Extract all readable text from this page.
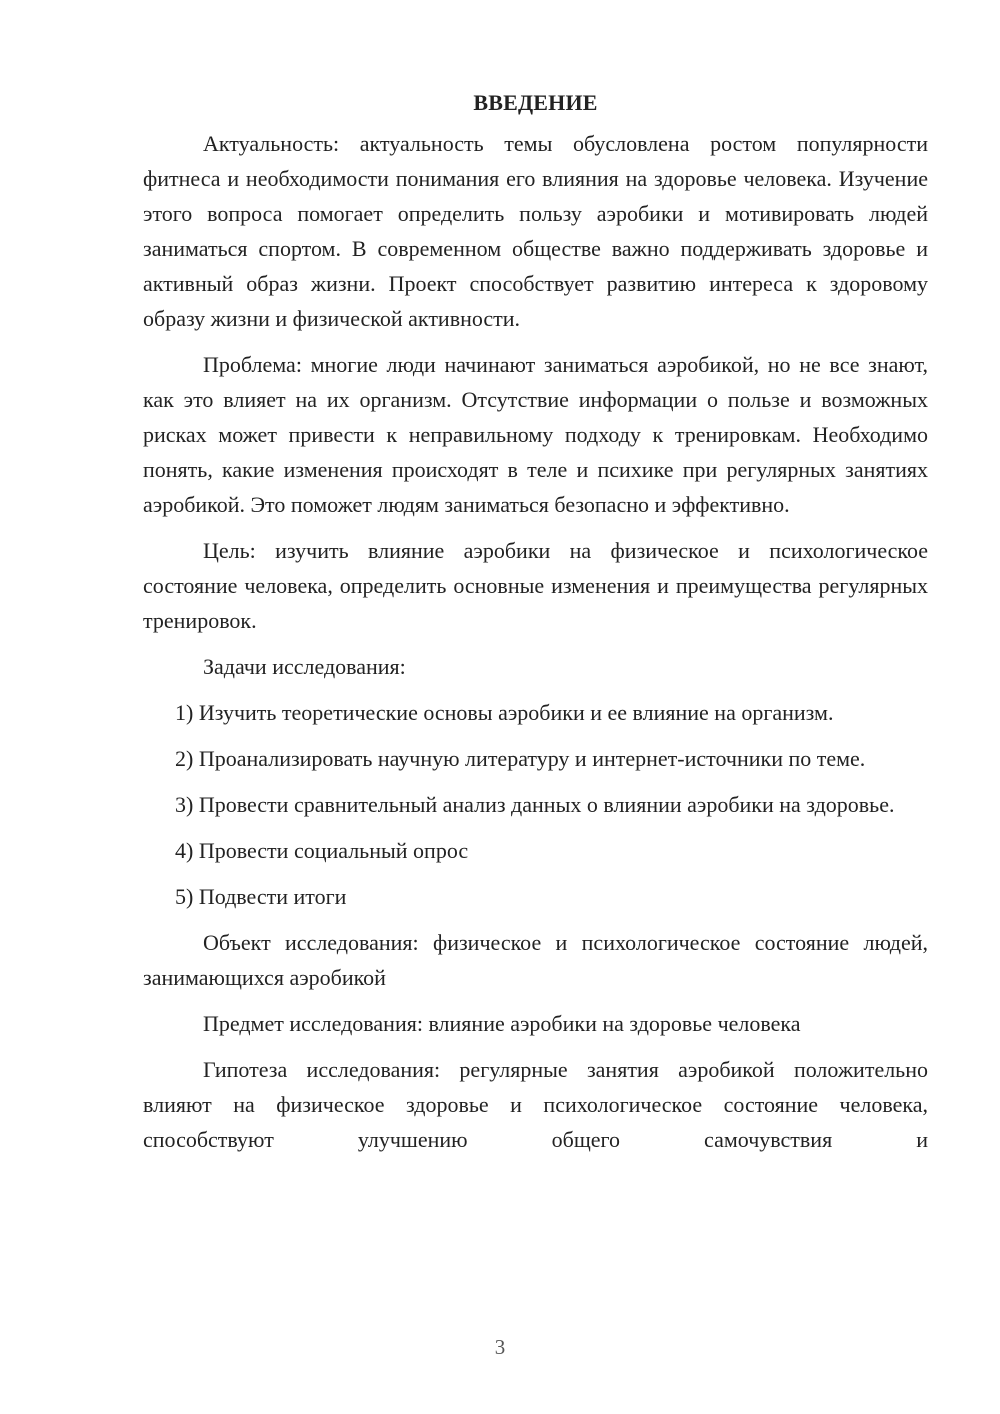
ВВЕДЕНИЕ

Актуальность: актуальность темы обусловлена ростом популярности фитнеса и необходимости понимания его влияния на здоровье человека. Изучение этого вопроса помогает определить пользу аэробики и мотивировать людей заниматься спортом. В современном обществе важно поддерживать здоровье и активный образ жизни. Проект способствует развитию интереса к здоровому образу жизни и физической активности.

Проблема: многие люди начинают заниматься аэробикой, но не все знают, как это влияет на их организм. Отсутствие информации о пользе и возможных рисках может привести к неправильному подходу к тренировкам. Необходимо понять, какие изменения происходят в теле и психике при регулярных занятиях аэробикой. Это поможет людям заниматься безопасно и эффективно.

Цель: изучить влияние аэробики на физическое и психологическое состояние человека, определить основные изменения и преимущества регулярных тренировок.

Задачи исследования:

1) Изучить теоретические основы аэробики и ее влияние на организм.

2) Проанализировать научную литературу и интернет-источники по теме.

3) Провести сравнительный анализ данных о влиянии аэробики на здоровье.

4) Провести социальный опрос

5) Подвести итоги

Объект исследования: физическое и психологическое состояние людей, занимающихся аэробикой

Предмет исследования: влияние аэробики на здоровье человека

Гипотеза исследования: регулярные занятия аэробикой положительно влияют на физическое здоровье и психологическое состояние человека, способствуют улучшению общего самочувствия и

3
